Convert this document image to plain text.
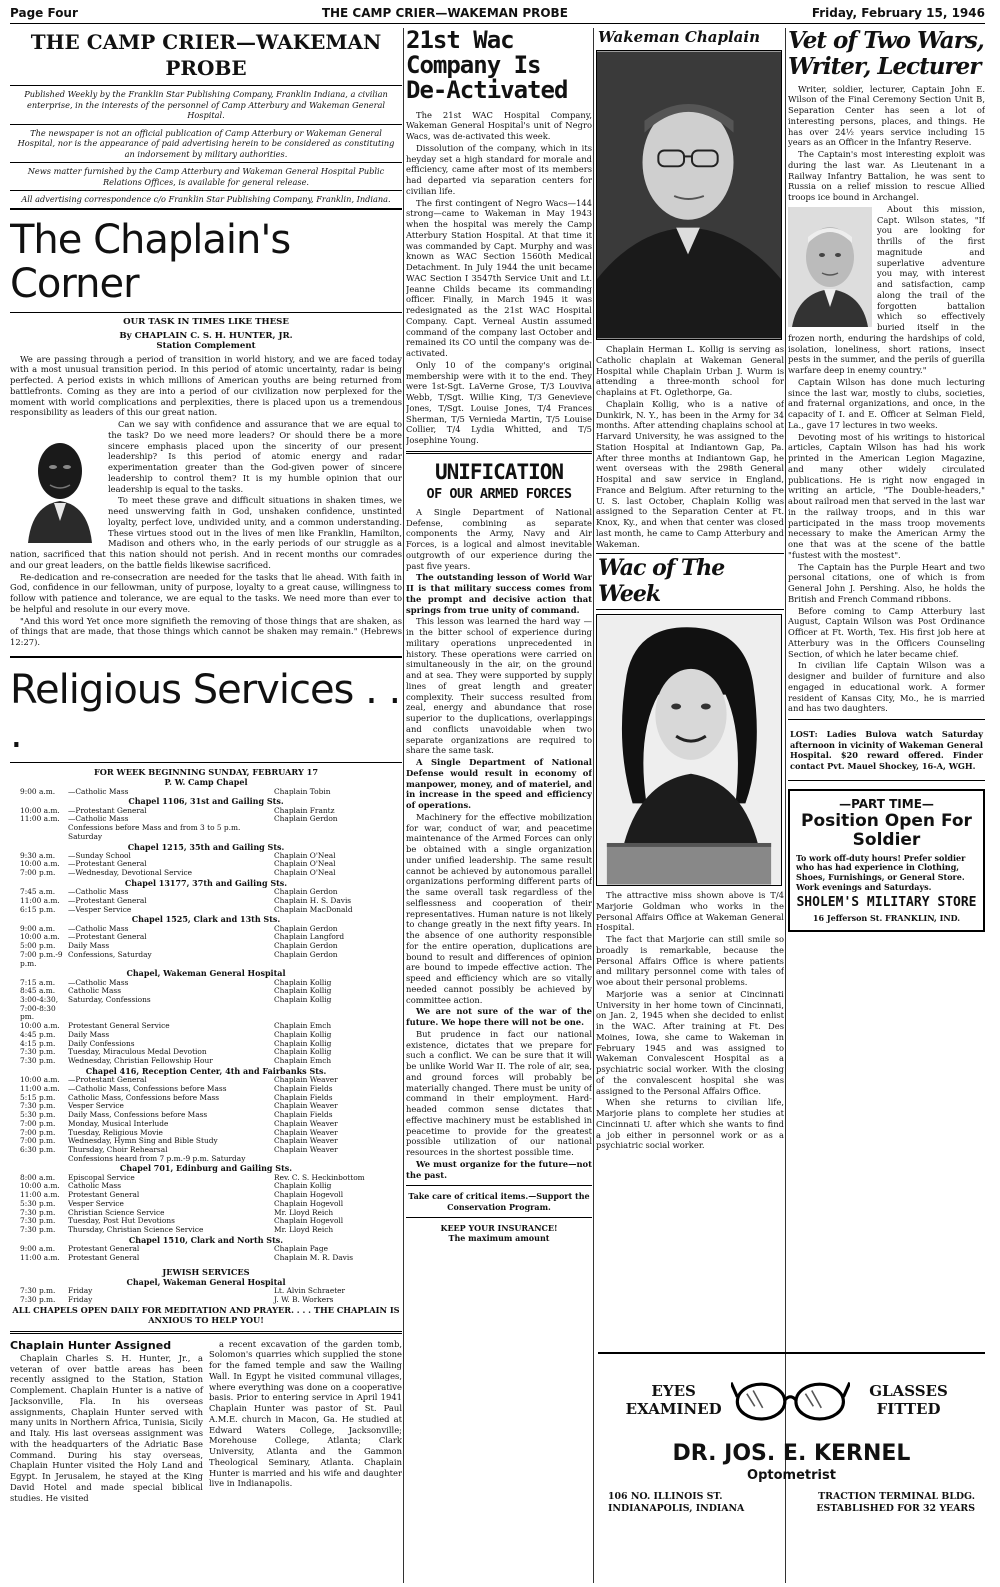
Page Four	THE CAMP CRIER—WAKEMAN PROBE	Friday, February 15, 1946
THE CAMP CRIER—WAKEMAN PROBE
Published Weekly by the Franklin Star Publishing Company, Franklin Indiana, a civilian enterprise, in the interests of the personnel of Camp Atterbury and Wakeman General Hospital.
The newspaper is not an official publication of Camp Atterbury or Wakeman General Hospital, nor is the appearance of paid advertising herein to be considered as constituting an indorsement by military authorities.
News matter furnished by the Camp Atterbury and Wakeman General Hospital Public Relations Offices, is available for general release.
All advertising correspondence c/o Franklin Star Publishing Company, Franklin, Indiana.
The Chaplain's Corner
OUR TASK IN TIMES LIKE THESE
By CHAPLAIN C. S. H. HUNTER, JR.
Station Complement

We are passing through a period of transition in world history, and we are faced today with a most unusual transition period. In this period of atomic uncertainty, radar is being perfected. A period exists in which millions of American youths are being returned from battlefronts. Coming as they are into a period of our civilization now perplexed for the moment with world complications and perplexities, there is placed upon us a tremendous responsibility as leaders of this our great nation.

Can we say with confidence and assurance that we are equal to the task? Do we need more leaders? Or should there be a more sincere emphasis placed upon the sincerity of our present leadership? Is this period of atomic energy and radar experimentation greater than the God-given power of sincere leadership to control them? It is my humble opinion that our leadership is equal to the tasks.

To meet these grave and difficult situations in shaken times, we need unswerving faith in God, unshaken confidence, unstinted loyalty, perfect love, undivided unity, and a common understanding. These virtues stood out in the lives of men like Franklin, Hamilton, Madison and others who, in the early periods of our struggle as a nation, sacrificed that this nation should not perish. And in recent months our comrades and our great leaders, on the battle fields likewise sacrificed.

Re-dedication and re-consecration are needed for the tasks that lie ahead. With faith in God, confidence in our fellowman, unity of purpose, loyalty to a great cause, willingness to follow with patience and tolerance, we are equal to the tasks. We need more than ever to be helpful and resolute in our every move.

"And this word Yet once more signifieth the removing of those things that are shaken, as of things that are made, that those things which cannot be shaken may remain." (Hebrews 12:27).

Religious Services . . .
FOR WEEK BEGINNING SUNDAY, FEBRUARY 17
P. W. Camp Chapel
9:00 a.m.	—Catholic Mass	Chaplain Tobin
Chapel 1106, 31st and Gailing Sts.
10:00 a.m.	—Protestant General	Chaplain Frantz
11:00 a.m.	—Catholic Mass	Chaplain Gerdon
Confessions before Mass and from 3 to 5 p.m. Saturday
Chapel 1215, 35th and Gailing Sts.
9:30 a.m.	—Sunday School	Chaplain O'Neal
10:00 a.m.	—Protestant General	Chaplain O'Neal
7:00 p.m.	—Wednesday, Devotional Service	Chaplain O'Neal
Chapel 13177, 37th and Gailing Sts.
7:45 a.m.	—Catholic Mass	Chaplain Gerdon
11:00 a.m.	—Protestant General	Chaplain H. S. Davis
6:15 p.m.	—Vesper Service	Chaplain MacDonald
Chapel 1525, Clark and 13th Sts.
9:00 a.m.	—Catholic Mass	Chaplain Gerdon
10:00 a.m.	—Protestant General	Chaplain Langford
5:00 p.m.	Daily Mass	Chaplain Gerdon
7:00 p.m.-9 p.m.
Confessions, Saturday	Chaplain Gerdon
Chapel, Wakeman General Hospital
7:15 a.m.	—Catholic Mass	Chaplain Kollig
8:45 a.m.	Catholic Mass	Chaplain Kollig
3:00-4:30, 7:00-8:30 pm.
Saturday, Confessions	Chaplain Kollig
10:00 a.m.	Protestant General Service	Chaplain Emch
4:45 p.m.	Daily Mass	Chaplain Kollig
4:15 p.m.	Daily Confessions	Chaplain Kollig
7:30 p.m.	Tuesday, Miraculous Medal Devotion	Chaplain Kollig
7:30 p.m.	Wednesday, Christian Fellowship Hour	Chaplain Emch
Chapel 416, Reception Center, 4th and Fairbanks Sts.
10:00 a.m.	—Protestant General	Chaplain Weaver
11:00 a.m.	—Catholic Mass, Confessions before Mass	Chaplain Fields
5:15 p.m.	Catholic Mass, Confessions before Mass	Chaplain Fields
7:30 p.m.	Vesper Service	Chaplain Weaver
5:30 p.m.	Daily Mass, Confessions before Mass	Chaplain Fields
7:00 p.m.	Monday, Musical Interlude	Chaplain Weaver
7:00 p.m.	Tuesday, Religious Movie	Chaplain Weaver
7:00 p.m.	Wednesday, Hymn Sing and Bible Study	Chaplain Weaver
6:30 p.m.	Thursday, Choir Rehearsal	Chaplain Weaver
Confessions heard from 7 p.m.-9 p.m. Saturday
Chapel 701, Edinburg and Gailing Sts.
8:00 a.m.	Episcopal Service	Rev. C. S. Heckinbottom
10:00 a.m.	Catholic Mass	Chaplain Kollig
11:00 a.m.	Protestant General	Chaplain Hogevoll
5:30 p.m.	Vesper Service	Chaplain Hogevoll
7:30 p.m.	Christian Science Service	Mr. Lloyd Reich
7:30 p.m.	Tuesday, Post Hut Devotions	Chaplain Hogevoll
7:30 p.m.	Thursday, Christian Science Service	Mr. Lloyd Reich
Chapel 1510, Clark and North Sts.
9:00 a.m.	Protestant General	Chaplain Page
11:00 a.m.	Protestant General	Chaplain M. R. Davis
JEWISH SERVICES
Chapel, Wakeman General Hospital
7:30 p.m.	Friday	Lt. Alvin Schraeter
7:30 p.m.	Friday	J. W. B. Workers
ALL CHAPELS OPEN DAILY FOR MEDITATION AND PRAYER. . . . THE CHAPLAIN IS ANXIOUS TO HELP YOU!
Chaplain Hunter Assigned

Chaplain Charles S. H. Hunter, Jr., a veteran of over battle areas has been recently assigned to the Station, Station Complement. Chaplain Hunter is a native of Jacksonville, Fla. In his overseas assignments, Chaplain Hunter served with many units in Northern Africa, Tunisia, Sicily and Italy. His last overseas assignment was with the headquarters of the Adriatic Base Command. During his stay overseas, Chaplain Hunter visited the Holy Land and Egypt. In Jerusalem, he stayed at the King David Hotel and made special biblical studies. He visited

a recent excavation of the garden tomb, Solomon's quarries which supplied the stone for the famed temple and saw the Wailing Wall. In Egypt he visited communal villages, where everything was done on a cooperative basis. Prior to entering service in April 1941 Chaplain Hunter was pastor of St. Paul A.M.E. church in Macon, Ga. He studied at Edward Waters College, Jacksonville; Morehouse College, Atlanta; Clark University, Atlanta and the Gammon Theological Seminary, Atlanta. Chaplain Hunter is married and his wife and daughter live in Indianapolis.

21st Wac Company Is De-Activated

The 21st WAC Hospital Company, Wakeman General Hospital's unit of Negro Wacs, was de-activated this week.

Dissolution of the company, which in its heyday set a high standard for morale and efficiency, came after most of its members had departed via separation centers for civilian life.

The first contingent of Negro Wacs—144 strong—came to Wakeman in May 1943 when the hospital was merely the Camp Atterbury Station Hospital. At that time it was commanded by Capt. Murphy and was known as WAC Section 1560th Medical Detachment. In July 1944 the unit became WAC Section I 3547th Service Unit and Lt. Jeanne Childs became its commanding officer. Finally, in March 1945 it was redesignated as the 21st WAC Hospital Company. Capt. Verneal Austin assumed command of the company last October and remained its CO until the company was de-activated.

Only 10 of the company's original membership were with it to the end. They were 1st-Sgt. LaVerne Grose, T/3 Louviva Webb, T/Sgt. Willie King, T/3 Genevieve Jones, T/Sgt. Louise Jones, T/4 Frances Sherman, T/5 Verniedа Martin, T/5 Louise Collier, T/4 Lydia Whitted, and T/5 Josephine Young.

UNIFICATION
OF OUR ARMED FORCES

A Single Department of National Defense, combining as separate components the Army, Navy and Air Forces, is a logical and almost inevitable outgrowth of our experience during the past five years.

The outstanding lesson of World War II is that military success comes from the prompt and decisive action that springs from true unity of command.

This lesson was learned the hard way — in the bitter school of experience during military operations unprecedented in history. These operations were carried on simultaneously in the air, on the ground and at sea. They were supported by supply lines of great length and greater complexity. Their success resulted from zeal, energy and abundance that rose superior to the duplications, overlappings and conflicts unavoidable when two separate organizations are required to share the same task.

A Single Department of National Defense would result in economy of manpower, money, and of materiel, and in increase in the speed and efficiency of operations.

Machinery for the effective mobilization for war, conduct of war, and peacetime maintenance of the Armed Forces can only be obtained with a single organization under unified leadership. The same result cannot be achieved by autonomous parallel organizations performing different parts of the same overall task regardless of the selflessness and cooperation of their representatives. Human nature is not likely to change greatly in the next fifty years. In the absence of one authority responsible for the entire operation, duplications are bound to result and differences of opinion are bound to impede effective action. The speed and efficiency which are so vitally needed cannot possibly be achieved by committee action.

We are not sure of the war of the future. We hope there will not be one.

But prudence in fact our national existence, dictates that we prepare for such a conflict. We can be sure that it will be unlike World War II. The role of air, sea, and ground forces will probably be materially changed. There must be unity of command in their employment. Hard-headed common sense dictates that effective machinery must be established in peacetime to provide for the greatest possible utilization of our national resources in the shortest possible time.

We must organize for the future—not the past.

Take care of critical items.—Support the Conservation Program.
KEEP YOUR INSURANCE!
The maximum amount
Wakeman Chaplain

Chaplain Herman L. Kollig is serving as Catholic chaplain at Wakeman General Hospital while Chaplain Urban J. Wurm is attending a three-month school for chaplains at Ft. Oglethorpe, Ga.

Chaplain Kollig, who is a native of Dunkirk, N. Y., has been in the Army for 34 months. After attending chaplains school at Harvard University, he was assigned to the Station Hospital at Indiantown Gap, Pa. After three months at Indiantown Gap, he went overseas with the 298th General Hospital and saw service in England, France and Belgium. After returning to the U. S. last October, Chaplain Kollig was assigned to the Separation Center at Ft. Knox, Ky., and when that center was closed last month, he came to Camp Atterbury and Wakeman.

Wac of The Week

The attractive miss shown above is T/4 Marjorie Goldman who works in the Personal Affairs Office at Wakeman General Hospital.

The fact that Marjorie can still smile so broadly is remarkable, because the Personal Affairs Office is where patients and military personnel come with tales of woe about their personal problems.

Marjorie was a senior at Cincinnati University in her home town of Cincinnati, on Jan. 2, 1945 when she decided to enlist in the WAC. After training at Ft. Des Moines, Iowa, she came to Wakeman in February 1945 and was assigned to Wakeman Convalescent Hospital as a psychiatric social worker. With the closing of the convalescent hospital she was assigned to the Personal Affairs Office.

When she returns to civilian life, Marjorie plans to complete her studies at Cincinnati U. after which she wants to find a job either in personnel work or as a psychiatric social worker.

Vet of Two Wars, Writer, Lecturer

Writer, soldier, lecturer, Captain John E. Wilson of the Final Ceremony Section Unit B, Separation Center has seen a lot of interesting persons, places, and things. He has over 24½ years service including 15 years as an Officer in the Infantry Reserve.

The Captain's most interesting exploit was during the last war. As Lieutenant in a Railway Infantry Battalion, he was sent to Russia on a relief mission to rescue Allied troops ice bound in Archangel.

About this mission, Capt. Wilson states, "If you are looking for thrills of the first magnitude and superlative adventure you may, with interest and satisfaction, camp along the trail of the forgotten battalion which so effectively buried itself in the frozen north, enduring the hardships of cold, isolation, loneliness, short rations, insect pests in the summer, and the perils of guerilla warfare deep in enemy country."

Captain Wilson has done much lecturing since the last war, mostly to clubs, societies, and fraternal organizations, and once, in the capacity of I. and E. Officer at Selman Field, La., gave 17 lectures in two weeks.

Devoting most of his writings to historical articles, Captain Wilson has had his work printed in the American Legion Magazine, and many other widely circulated publications. He is right now engaged in writing an article, "The Double-headers," about railroad men that served in the last war in the railway troops, and in this war participated in the mass troop movements necessary to make the American Army the one that was at the scene of the battle "fustest with the mostest".

The Captain has the Purple Heart and two personal citations, one of which is from General John J. Pershing. Also, he holds the British and French Command ribbons.

Before coming to Camp Atterbury last August, Captain Wilson was Post Ordinance Officer at Ft. Worth, Tex. His first job here at Atterbury was in the Officers Counseling Section, of which he later became chief.

In civilian life Captain Wilson was a designer and builder of furniture and also engaged in educational work. A former resident of Kansas City, Mo., he is married and has two daughters.

LOST: Ladies Bulova watch Saturday afternoon in vicinity of Wakeman General Hospital. $20 reward offered. Finder contact Pvt. Mauel Shockey, 16-A, WGH.
—PART TIME—
Position Open For Soldier
To work off-duty hours! Prefer soldier who has had experience in Clothing, Shoes, Furnishings, or General Store. Work evenings and Saturdays.
SHOLEM'S MILITARY STORE
16 Jefferson St. FRANKLIN, IND.
EYES EXAMINED
GLASSES FITTED
DR. JOS. E. KERNEL
Optometrist
106 NO. ILLINOIS ST.
INDIANAPOLIS, INDIANA
TRACTION TERMINAL BLDG.
ESTABLISHED FOR 32 YEARS
